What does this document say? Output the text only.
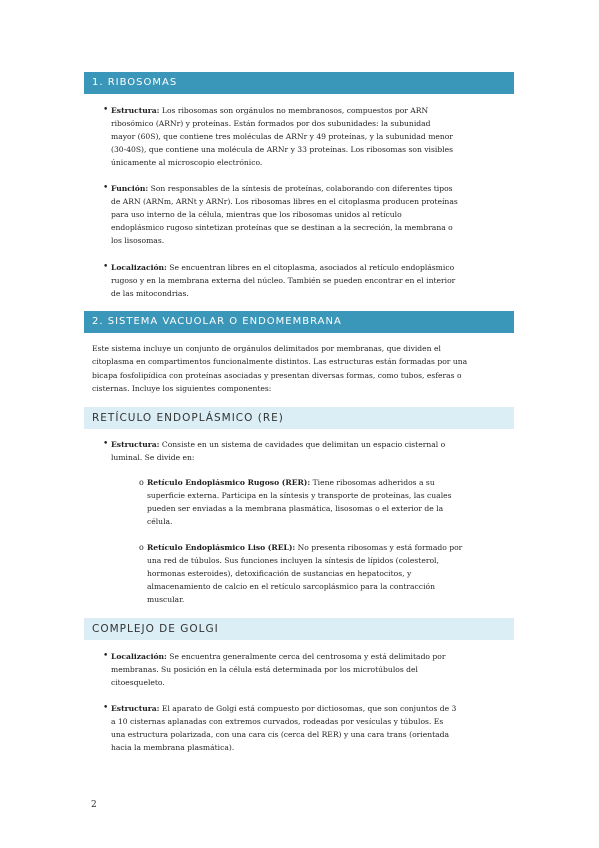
1. RIBOSOMAS
• Estructura: Los ribosomas son orgánulos no membranosos, compuestos por ARN
ribosómico (ARNr) y proteínas. Están formados por dos subunidades: la subunidad
mayor (60S), que contiene tres moléculas de ARNr y 49 proteínas, y la subunidad menor
(30-40S), que contiene una molécula de ARNr y 33 proteínas. Los ribosomas son visibles
únicamente al microscopio electrónico.
• Función: Son responsables de la síntesis de proteínas, colaborando con diferentes tipos
de ARN (ARNm, ARNt y ARNr). Los ribosomas libres en el citoplasma producen proteínas
para uso interno de la célula, mientras que los ribosomas unidos al retículo
endoplásmico rugoso sintetizan proteínas que se destinan a la secreción, la membrana o
los lisosomas.
• Localización: Se encuentran libres en el citoplasma, asociados al retículo endoplásmico
rugoso y en la membrana externa del núcleo. También se pueden encontrar en el interior
de las mitocondrias.
2. SISTEMA VACUOLAR O ENDOMEMBRANA
Este sistema incluye un conjunto de orgánulos delimitados por membranas, que dividen el
citoplasma en compartimentos funcionalmente distintos. Las estructuras están formadas por una
bicapa fosfolipídica con proteínas asociadas y presentan diversas formas, como tubos, esferas o
cisternas. Incluye los siguientes componentes:
RETÍCULO ENDOPLÁSMICO (RE)
• Estructura: Consiste en un sistema de cavidades que delimitan un espacio cisternal o
luminal. Se divide en:
o Retículo Endoplásmico Rugoso (RER): Tiene ribosomas adheridos a su
superficie externa. Participa en la síntesis y transporte de proteínas, las cuales
pueden ser enviadas a la membrana plasmática, lisosomas o el exterior de la
célula.
o Retículo Endoplásmico Liso (REL): No presenta ribosomas y está formado por
una red de túbulos. Sus funciones incluyen la síntesis de lípidos (colesterol,
hormonas esteroides), detoxificación de sustancias en hepatocitos, y
almacenamiento de calcio en el retículo sarcoplásmico para la contracción
muscular.
COMPLEJO DE GOLGI
• Localización: Se encuentra generalmente cerca del centrosoma y está delimitado por
membranas. Su posición en la célula está determinada por los microtúbulos del
citoesqueleto.
• Estructura: El aparato de Golgi está compuesto por dictiosomas, que son conjuntos de 3
a 10 cisternas aplanadas con extremos curvados, rodeadas por vesículas y túbulos. Es
una estructura polarizada, con una cara cis (cerca del RER) y una cara trans (orientada
hacia la membrana plasmática).
2
